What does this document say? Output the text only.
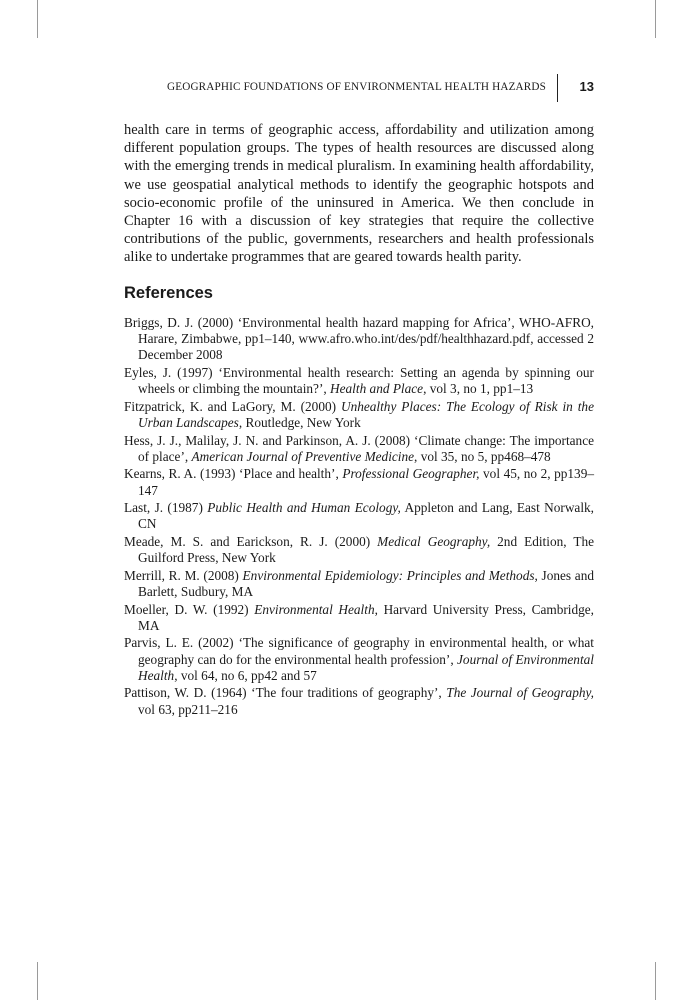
GEOGRAPHIC FOUNDATIONS OF ENVIRONMENTAL HEALTH HAZARDS	13

health care in terms of geographic access, affordability and utilization among different population groups. The types of health resources are discussed along with the emerging trends in medical pluralism. In examining health affordability, we use geospatial analytical methods to identify the geographic hotspots and socio-economic profile of the uninsured in America. We then conclude in Chapter 16 with a discussion of key strategies that require the collective contributions of the public, governments, researchers and health professionals alike to undertake programmes that are geared towards health parity.

References
Briggs, D. J. (2000) ‘Environmental health hazard mapping for Africa’, WHO-AFRO, Harare, Zimbabwe, pp1–140, www.afro.who.int/des/pdf/healthhazard.pdf, accessed 2 December 2008
Eyles, J. (1997) ‘Environmental health research: Setting an agenda by spinning our wheels or climbing the mountain?’, Health and Place, vol 3, no 1, pp1–13
Fitzpatrick, K. and LaGory, M. (2000) Unhealthy Places: The Ecology of Risk in the Urban Landscapes, Routledge, New York
Hess, J. J., Malilay, J. N. and Parkinson, A. J. (2008) ‘Climate change: The importance of place’, American Journal of Preventive Medicine, vol 35, no 5, pp468–478
Kearns, R. A. (1993) ‘Place and health’, Professional Geographer, vol 45, no 2, pp139–147
Last, J. (1987) Public Health and Human Ecology, Appleton and Lang, East Norwalk, CN
Meade, M. S. and Earickson, R. J. (2000) Medical Geography, 2nd Edition, The Guilford Press, New York
Merrill, R. M. (2008) Environmental Epidemiology: Principles and Methods, Jones and Barlett, Sudbury, MA
Moeller, D. W. (1992) Environmental Health, Harvard University Press, Cambridge, MA
Parvis, L. E. (2002) ‘The significance of geography in environmental health, or what geography can do for the environmental health profession’, Journal of Environmental Health, vol 64, no 6, pp42 and 57
Pattison, W. D. (1964) ‘The four traditions of geography’, The Journal of Geography, vol 63, pp211–216
